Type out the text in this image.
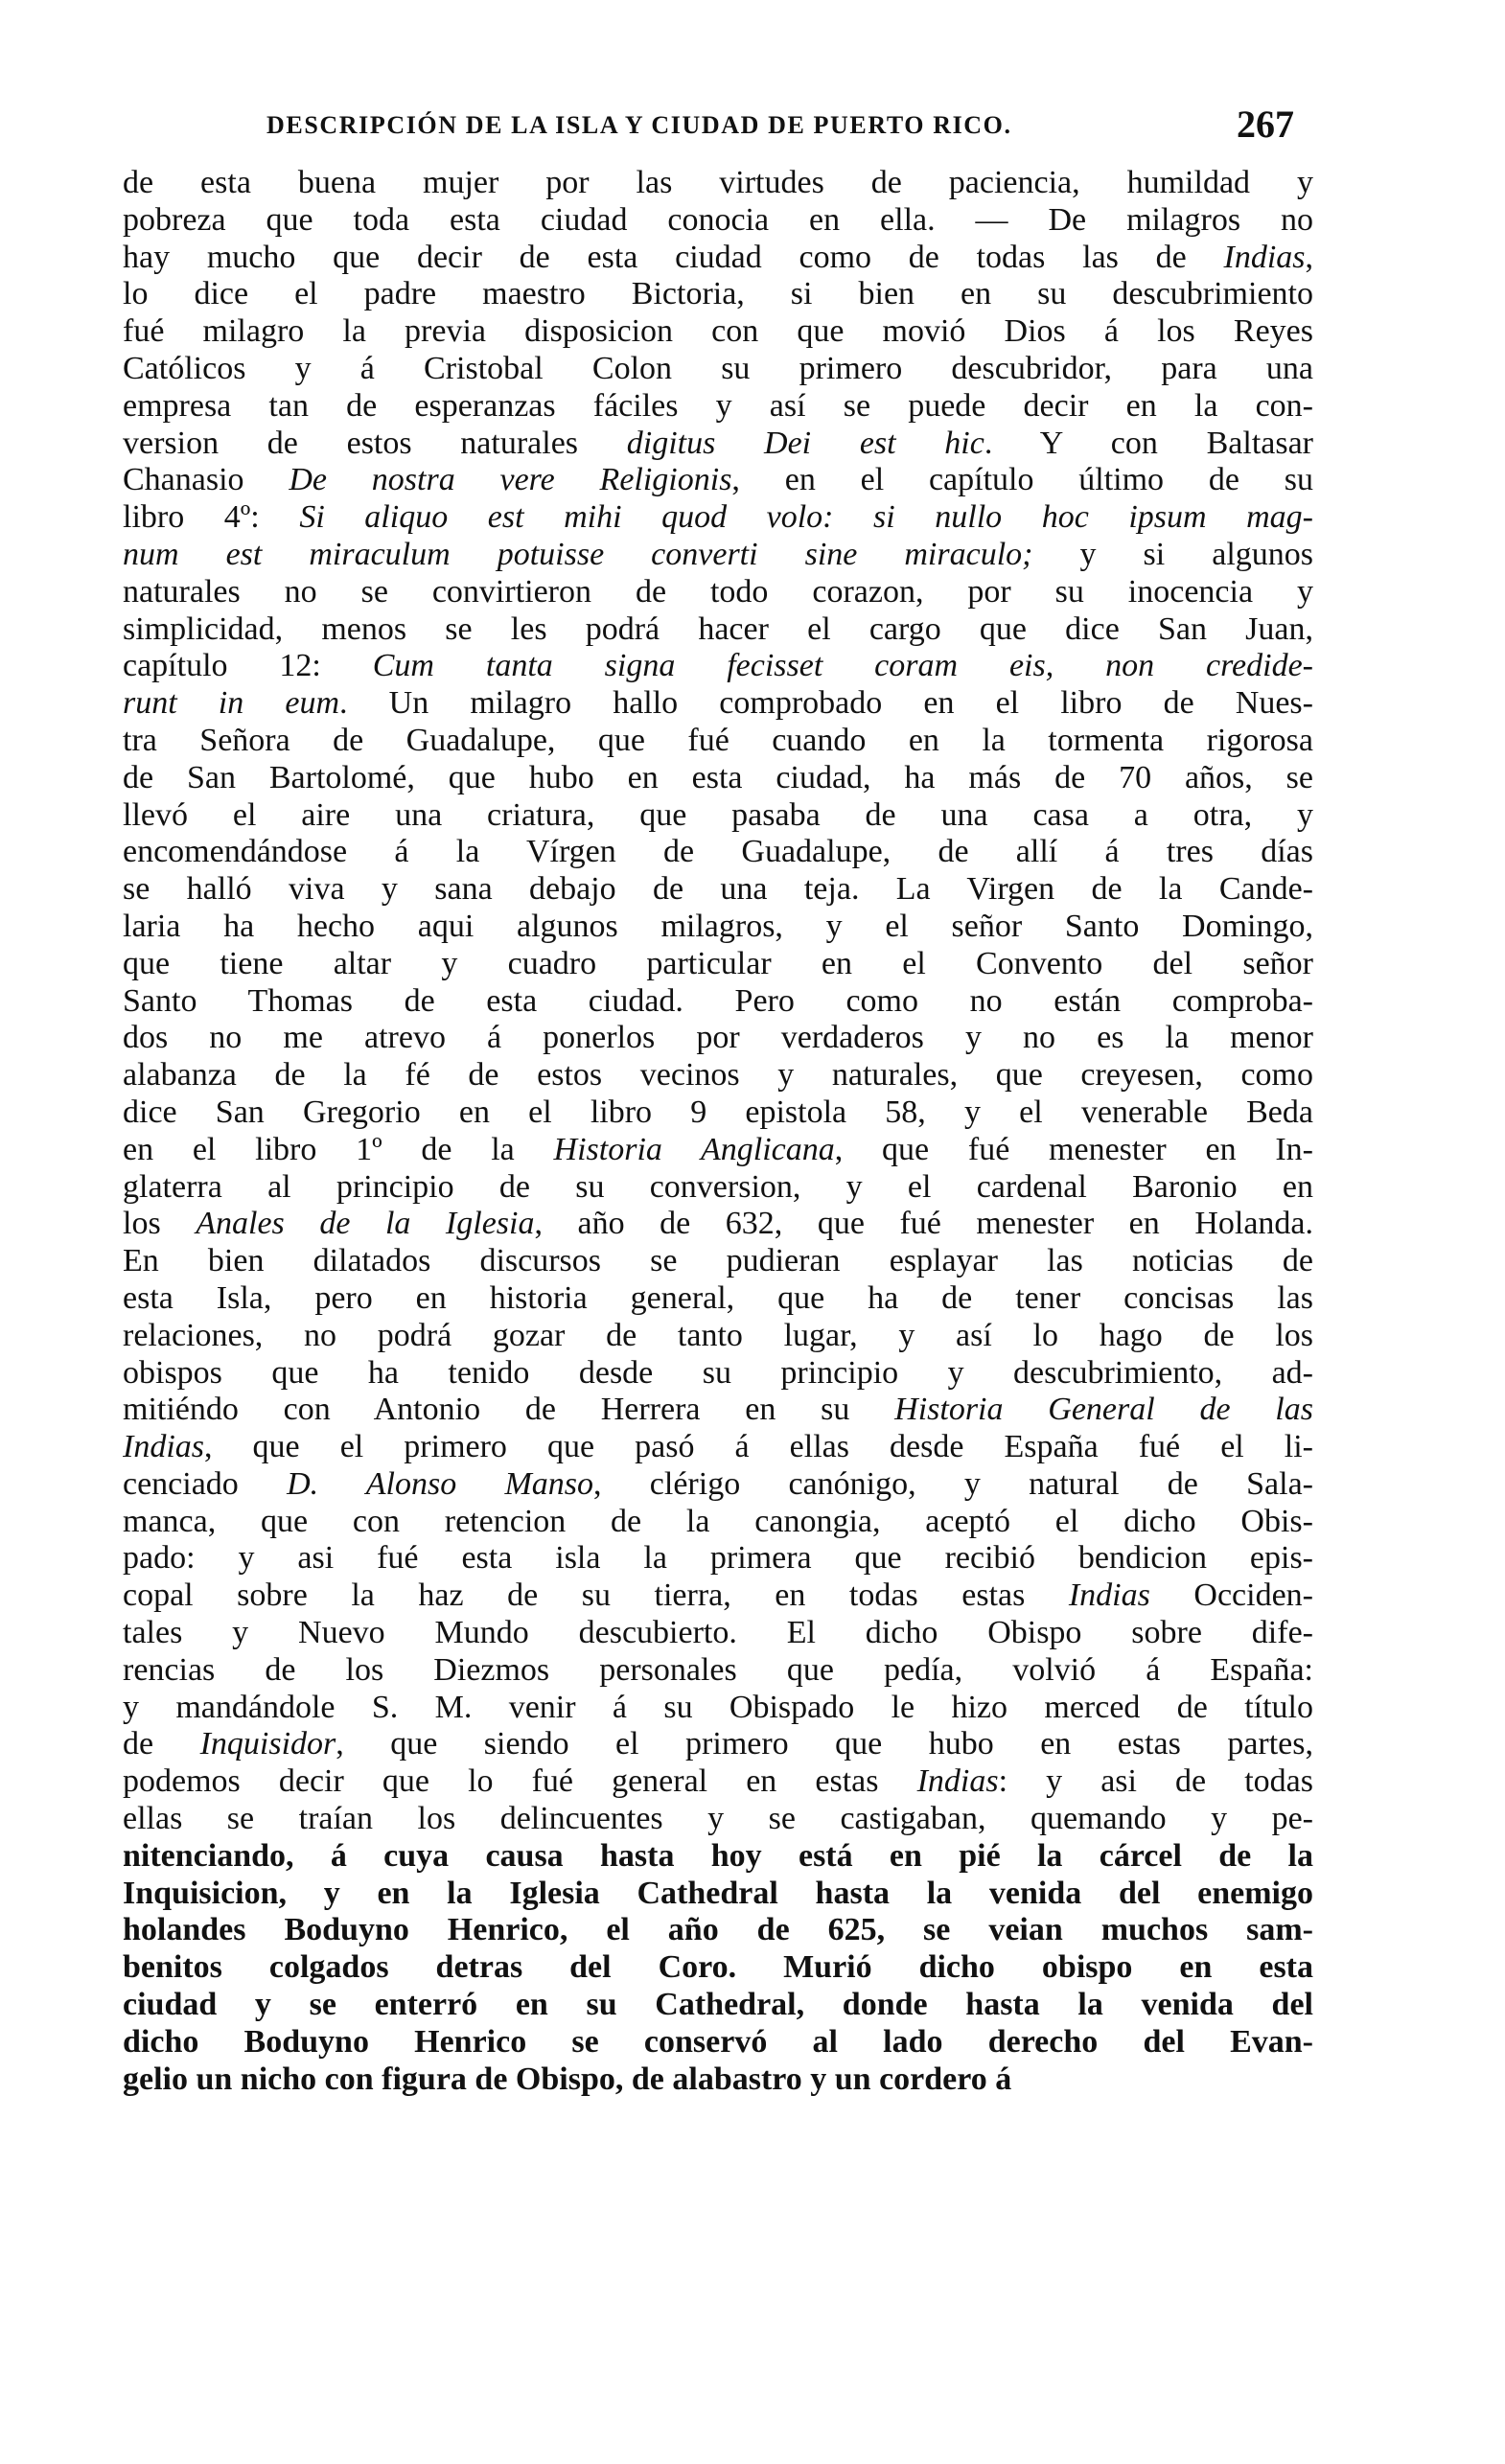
DESCRIPCIÓN DE LA ISLA Y CIUDAD DE PUERTO RICO.	267
de esta buena mujer por las virtudes de paciencia, humildad y
pobreza que toda esta ciudad conocia en ella. — De milagros no
hay mucho que decir de esta ciudad como de todas las de Indias,
lo dice el padre maestro Bictoria, si bien en su descubrimiento
fué milagro la previa disposicion con que movió Dios á los Reyes
Católicos y á Cristobal Colon su primero descubridor, para una
empresa tan de esperanzas fáciles y así se puede decir en la con-
version de estos naturales digitus Dei est hic. Y con Baltasar
Chanasio De nostra vere Religionis, en el capítulo último de su
libro 4º: Si aliquo est mihi quod volo: si nullo hoc ipsum mag-
num est miraculum potuisse converti sine miraculo; y si algunos
naturales no se convirtieron de todo corazon, por su inocencia y
simplicidad, menos se les podrá hacer el cargo que dice San Juan,
capítulo 12: Cum tanta signa fecisset coram eis, non credide-
runt in eum. Un milagro hallo comprobado en el libro de Nues-
tra Señora de Guadalupe, que fué cuando en la tormenta rigorosa
de San Bartolomé, que hubo en esta ciudad, ha más de 70 años, se
llevó el aire una criatura, que pasaba de una casa a otra, y
encomendándose á la Vírgen de Guadalupe, de allí á tres días
se halló viva y sana debajo de una teja. La Virgen de la Cande-
laria ha hecho aqui algunos milagros, y el señor Santo Domingo,
que tiene altar y cuadro particular en el Convento del señor
Santo Thomas de esta ciudad. Pero como no están comproba-
dos no me atrevo á ponerlos por verdaderos y no es la menor
alabanza de la fé de estos vecinos y naturales, que creyesen, como
dice San Gregorio en el libro 9 epistola 58, y el venerable Beda
en el libro 1º de la Historia Anglicana, que fué menester en In-
glaterra al principio de su conversion, y el cardenal Baronio en
los Anales de la Iglesia, año de 632, que fué menester en Holanda.
En bien dilatados discursos se pudieran esplayar las noticias de
esta Isla, pero en historia general, que ha de tener concisas las
relaciones, no podrá gozar de tanto lugar, y así lo hago de los
obispos que ha tenido desde su principio y descubrimiento, ad-
mitiéndo con Antonio de Herrera en su Historia General de las
Indias, que el primero que pasó á ellas desde España fué el li-
cenciado D. Alonso Manso, clérigo canónigo, y natural de Sala-
manca, que con retencion de la canongia, aceptó el dicho Obis-
pado: y asi fué esta isla la primera que recibió bendicion epis-
copal sobre la haz de su tierra, en todas estas Indias Occiden-
tales y Nuevo Mundo descubierto. El dicho Obispo sobre dife-
rencias de los Diezmos personales que pedía, volvió á España:
y mandándole S. M. venir á su Obispado le hizo merced de título
de Inquisidor, que siendo el primero que hubo en estas partes,
podemos decir que lo fué general en estas Indias: y asi de todas
ellas se traían los delincuentes y se castigaban, quemando y pe-
nitenciando, á cuya causa hasta hoy está en pié la cárcel de la
Inquisicion, y en la Iglesia Cathedral hasta la venida del enemigo
holandes Boduyno Henrico, el año de 625, se veian muchos sam-
benitos colgados detras del Coro. Murió dicho obispo en esta
ciudad y se enterró en su Cathedral, donde hasta la venida del
dicho Boduyno Henrico se conservó al lado derecho del Evan-
gelio un nicho con figura de Obispo, de alabastro y un cordero á
